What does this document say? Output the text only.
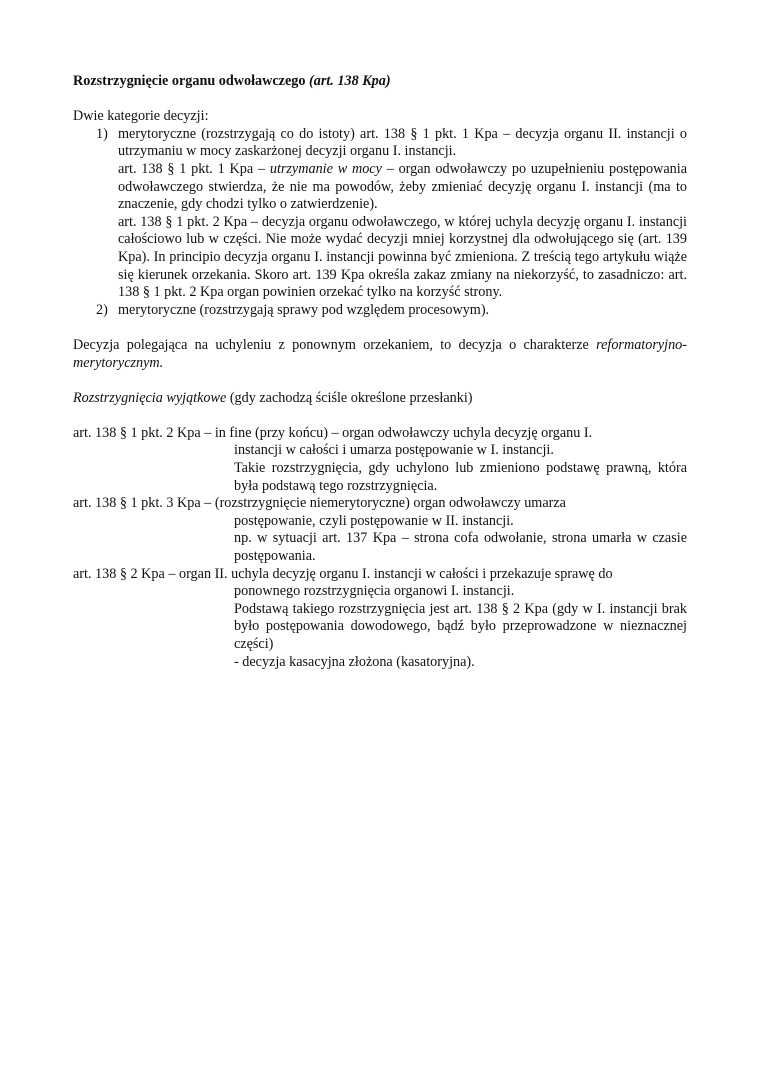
Rozstrzygnięcie organu odwoławczego (art. 138 Kpa)

Dwie kategorie decyzji:

1) merytoryczne (rozstrzygają co do istoty) art. 138 § 1 pkt. 1 Kpa – decyzja organu II. instancji o utrzymaniu w mocy zaskarżonej decyzji organu I. instancji.

art. 138 § 1 pkt. 1 Kpa – utrzymanie w mocy – organ odwoławczy po uzupełnieniu postępowania odwoławczego stwierdza, że nie ma powodów, żeby zmieniać decyzję organu I. instancji (ma to znaczenie, gdy chodzi tylko o zatwierdzenie).

art. 138 § 1 pkt. 2 Kpa – decyzja organu odwoławczego, w której uchyla decyzję organu I. instancji całościowo lub w części. Nie może wydać decyzji mniej korzystnej dla odwołującego się (art. 139 Kpa). In principio decyzja organu I. instancji powinna być zmieniona. Z treścią tego artykułu wiąże się kierunek orzekania. Skoro art. 139 Kpa określa zakaz zmiany na niekorzyść, to zasadniczo: art. 138 § 1 pkt. 2 Kpa organ powinien orzekać tylko na korzyść strony.

2) merytoryczne (rozstrzygają sprawy pod względem procesowym).

Decyzja polegająca na uchyleniu z ponownym orzekaniem, to decyzja o charakterze reformatoryjno-merytorycznym.

Rozstrzygnięcia wyjątkowe (gdy zachodzą ściśle określone przesłanki)

art. 138 § 1 pkt. 2 Kpa – in fine (przy końcu) – organ odwoławczy uchyla decyzję organu I.

instancji w całości i umarza postępowanie w I. instancji.

Takie rozstrzygnięcia, gdy uchylono lub zmieniono podstawę prawną, która była podstawą tego rozstrzygnięcia.

art. 138 § 1 pkt. 3 Kpa – (rozstrzygnięcie niemerytoryczne) organ odwoławczy umarza

postępowanie, czyli postępowanie w II. instancji.

np. w sytuacji art. 137 Kpa – strona cofa odwołanie, strona umarła w czasie postępowania.

art. 138 § 2 Kpa – organ II. uchyla decyzję organu I. instancji w całości i przekazuje sprawę do

ponownego rozstrzygnięcia organowi I. instancji.

Podstawą takiego rozstrzygnięcia jest art. 138 § 2 Kpa (gdy w I. instancji brak było postępowania dowodowego, bądź było przeprowadzone w nieznacznej części)

- decyzja kasacyjna złożona (kasatoryjna).
